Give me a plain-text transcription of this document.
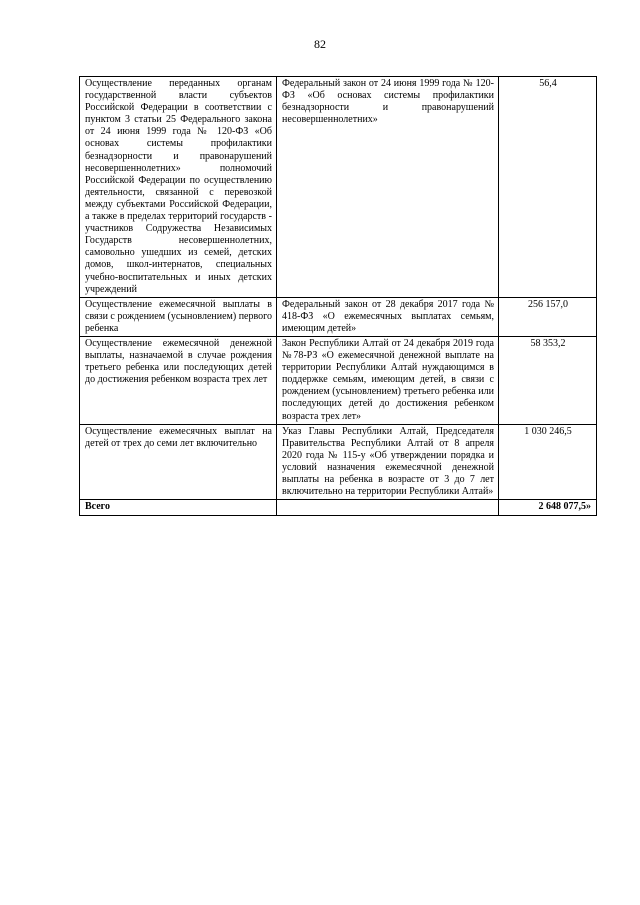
82
Осуществление переданных органам государственной власти субъектов Российской Федерации в соответствии с пунктом 3 статьи 25 Федерального закона от 24 июня 1999 года № 120-ФЗ «Об основах системы профилактики безнадзорности и правонарушений несовершеннолетних» полномочий Российской Федерации по осуществлению деятельности, связанной с перевозкой между субъектами Российской Федерации, а также в пределах территорий государств - участников Содружества Независимых Государств несовершеннолетних, самовольно ушедших из семей, детских домов, школ-интернатов, специальных учебно-воспитательных и иных детских учреждений	Федеральный закон от 24 июня 1999 года № 120-ФЗ «Об основах системы профилактики безнадзорности и правонарушений несовершеннолетних»	56,4
Осуществление ежемесячной выплаты в связи с рождением (усыновлением) первого ребенка	Федеральный закон от 28 декабря 2017 года № 418-ФЗ «О ежемесячных выплатах семьям, имеющим детей»	256 157,0
Осуществление ежемесячной денежной выплаты, назначаемой в случае рождения третьего ребенка или последующих детей до достижения ребенком возраста трех лет	Закон Республики Алтай от 24 декабря 2019 года №78-РЗ «О ежемесячной денежной выплате на территории Республики Алтай нуждающимся в поддержке семьям, имеющим детей, в связи с рождением (усыновлением) третьего ребенка или последующих детей до достижения ребенком возраста трех лет»	58 353,2
Осуществление ежемесячных выплат на детей от трех до семи лет включительно	Указ Главы Республики Алтай, Председателя Правительства Республики Алтай от 8 апреля 2020 года № 115-у «Об утверждении порядка и условий назначения ежемесячной денежной выплаты на ребенка в возрасте от 3 до 7 лет включительно на территории Республики Алтай»	1 030 246,5
Всего		2 648 077,5»
